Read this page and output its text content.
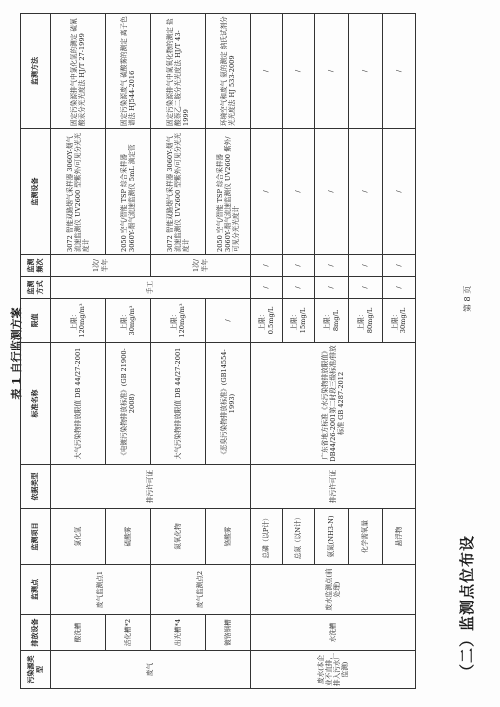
（二）监测点位布设
表 1 自行监测方案
第 8 页
污染源类型	排放设备	监测点	监测项目	依据类型	标准名称	限值	监测方式	监测频次	监测设备	监测方法
废气	酸洗槽	废气监测点1	氯化氢	排污许可证	大气污染物排放限值 DB 44/27-2001	上限：120mg/m³	手工	1次/半年	3072 智能双路烟气采样器 3060Y-烟气流速监测仪 UV2600 型紫外/可见分光光度计	固定污染源排气中氯化氢的测定 硫氰酸汞分光光度法 HJ/T 27-1999
	活化槽*2		硫酸雾		《电镀污染物排放标准》(GB 21900-2008)	上限：30mg/m³			2050 空气/智能 TSP 综合采样器 3060Y-烟气流速监测仪 5mL 滴定管	固定污染源废气 硫酸雾的测定 离子色谱法 HJ544-2016
	出光槽*4	废气监测点2	氮氧化物		大气污染物排放限值 DB 44/27-2001	上限：120mg/m³		1次/半年	3072 智能双路烟气采样器 3060Y-烟气流速监测仪 UV2600 型紫外/可见分光光度计	固定污染源排气中氮氧化物的测定 盐酸萘乙二胺分光光度法 HJ/T 43-1999
	镀铬钢槽		铬酸雾		《恶臭污染物排放标准》(GB14554-1993)	/			2050 空气/智能 TSP 综合采样器 3060Y-烟气流速监测仪 UV2600 紫外/可见分光光度计	环境空气和废气 氨的测定 纳氏试剂分光光度法 HJ 533-2009
废水(本企业不直排，排入污水厂监测)	水洗槽	废水监测点(前处理)	总磷（以P计）	排污许可证	广东省地方标准《水污染物排放限值》DB44/26-2001第二时段三级标准/排放标准 GB 4287-2012	上限：0.5mg/L	/	/	/	/
			总氮（以N计）			上限：15mg/L	/	/	/	/
			氨氮(NH3-N)			上限：8mg/L	/	/	/	/
			化学需氧量			上限：80mg/L	/	/	/	/
			悬浮物			上限：30mg/L	/	/	/	/
